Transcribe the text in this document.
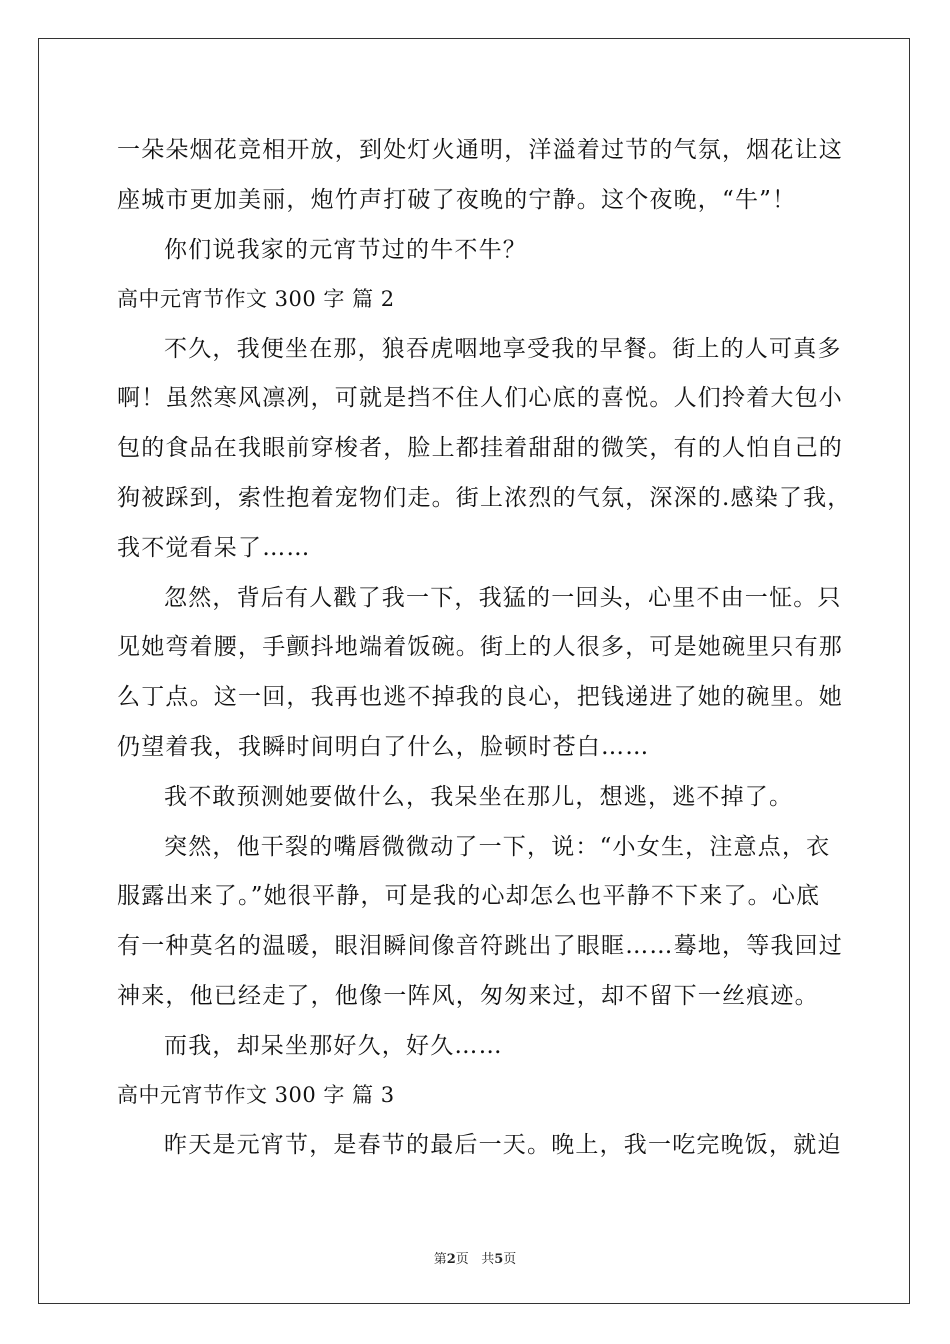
一朵朵烟花竞相开放，到处灯火通明，洋溢着过节的气氛，烟花让这
座城市更加美丽，炮竹声打破了夜晚的宁静。这个夜晚，“牛”！
你们说我家的元宵节过的牛不牛？
高中元宵节作文 300 字 篇 2
不久，我便坐在那，狼吞虎咽地享受我的早餐。街上的人可真多
啊！虽然寒风凛冽，可就是挡不住人们心底的喜悦。人们拎着大包小
包的食品在我眼前穿梭者，脸上都挂着甜甜的微笑，有的人怕自己的
狗被踩到，索性抱着宠物们走。街上浓烈的气氛，深深的.感染了我，
我不觉看呆了……
忽然，背后有人戳了我一下，我猛的一回头，心里不由一怔。只
见她弯着腰，手颤抖地端着饭碗。街上的人很多，可是她碗里只有那
么丁点。这一回，我再也逃不掉我的良心，把钱递进了她的碗里。她
仍望着我，我瞬时间明白了什么，脸顿时苍白……
我不敢预测她要做什么，我呆坐在那儿，想逃，逃不掉了。
突然，他干裂的嘴唇微微动了一下，说：“小女生，注意点，衣
服露出来了。”她很平静，可是我的心却怎么也平静不下来了。心底
有一种莫名的温暖，眼泪瞬间像音符跳出了眼眶……蓦地，等我回过
神来，他已经走了，他像一阵风，匆匆来过，却不留下一丝痕迹。
而我，却呆坐那好久，好久……
高中元宵节作文 300 字 篇 3
昨天是元宵节，是春节的最后一天。晚上，我一吃完晚饭，就迫
第2页 共5页
